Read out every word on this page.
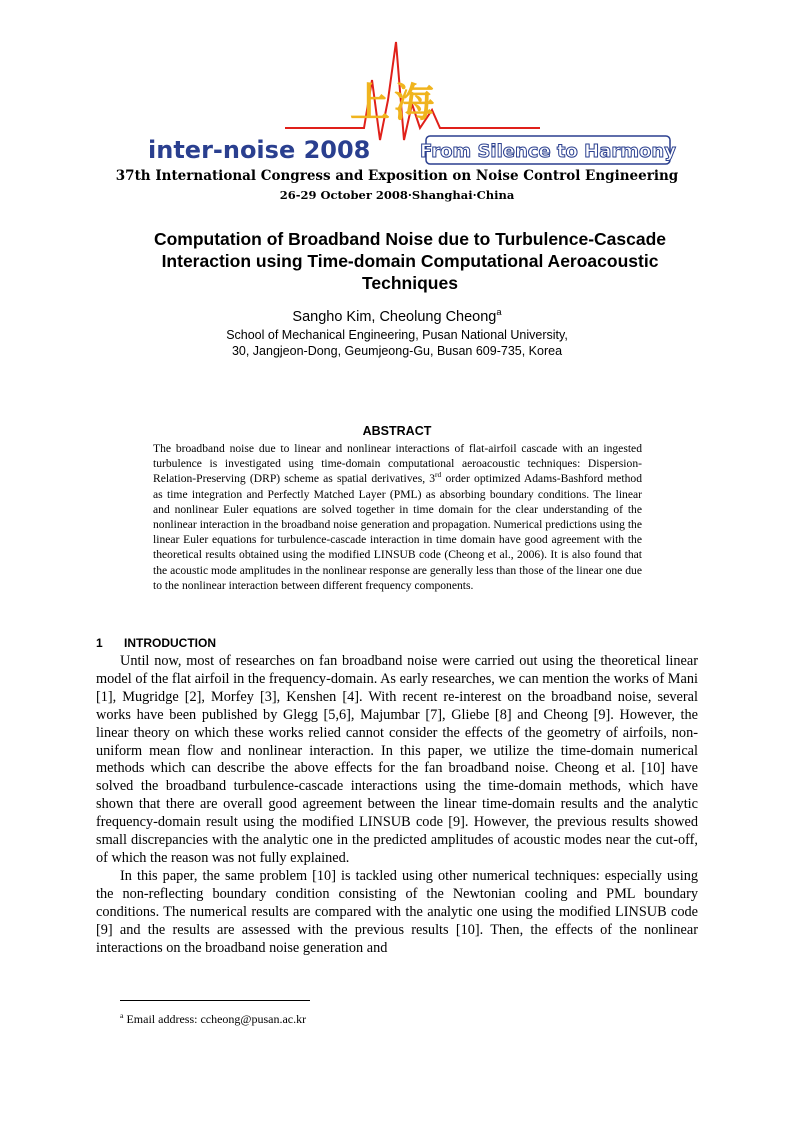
上海
inter-noise 2008	From Silence to Harmony
37th International Congress and Exposition on Noise Control Engineering
26-29 October 2008·Shanghai·China
Computation of Broadband Noise due to Turbulence-Cascade
Interaction using Time-domain Computational Aeroacoustic
Techniques
Sangho Kim, Cheolung Cheong$^a$
School of Mechanical Engineering, Pusan National University,
30, Jangjeon-Dong, Geumjeong-Gu, Busan 609-735, Korea
ABSTRACT
The broadband noise due to linear and nonlinear interactions of flat-airfoil cascade with an ingested turbulence is investigated using time-domain computational aeroacoustic techniques: Dispersion-Relation-Preserving (DRP) scheme as spatial derivatives, 3rd order optimized Adams-Bashford method as time integration and Perfectly Matched Layer (PML) as absorbing boundary conditions. The linear and nonlinear Euler equations are solved together in time domain for the clear understanding of the nonlinear interaction in the broadband noise generation and propagation. Numerical predictions using the linear Euler equations for turbulence-cascade interaction in time domain have good agreement with the theoretical results obtained using the modified LINSUB code (Cheong et al., 2006). It is also found that the acoustic mode amplitudes in the nonlinear response are generally less than those of the linear one due to the nonlinear interaction between different frequency components.
1 INTRODUCTION

Until now, most of researches on fan broadband noise were carried out using the theoretical linear model of the flat airfoil in the frequency-domain. As early researches, we can mention the works of Mani [1], Mugridge [2], Morfey [3], Kenshen [4]. With recent re-interest on the broadband noise, several works have been published by Glegg [5,6], Majumbar [7], Gliebe [8] and Cheong [9]. However, the linear theory on which these works relied cannot consider the effects of the geometry of airfoils, non-uniform mean flow and nonlinear interaction. In this paper, we utilize the time-domain numerical methods which can describe the above effects for the fan broadband noise. Cheong et al. [10] have solved the broadband turbulence-cascade interactions using the time-domain methods, which have shown that there are overall good agreement between the linear time-domain results and the analytic frequency-domain result using the modified LINSUB code [9]. However, the previous results showed small discrepancies with the analytic one in the predicted amplitudes of acoustic modes near the cut-off, of which the reason was not fully explained.

In this paper, the same problem [10] is tackled using other numerical techniques: especially using the non-reflecting boundary condition consisting of the Newtonian cooling and PML boundary conditions. The numerical results are compared with the analytic one using the modified LINSUB code [9] and the results are assessed with the previous results [10]. Then, the effects of the nonlinear interactions on the broadband noise generation and

$^a$ Email address: ccheong@pusan.ac.kr
